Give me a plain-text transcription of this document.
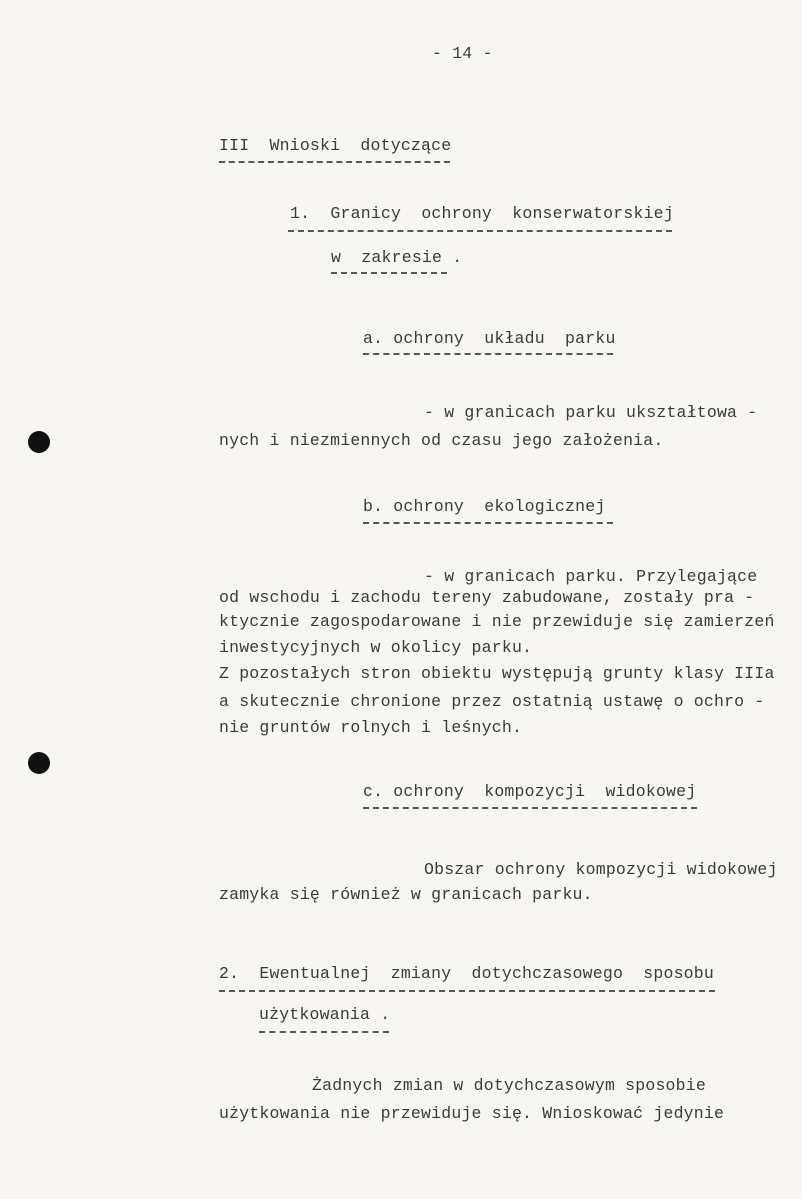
- 14 -
III  Wnioski  dotyczące
1.  Granicy  ochrony  konserwatorskiej
w  zakresie .
a. ochrony  układu  parku
- w granicach parku ukształtowa -
nych i niezmiennych od czasu jego założenia.
b. ochrony  ekologicznej
- w granicach parku. Przylegające
od wschodu i zachodu tereny zabudowane, zostały pra -
ktycznie zagospodarowane i nie przewiduje się zamierzeń
inwestycyjnych w okolicy parku.
Z pozostałych stron obiektu występują grunty klasy IIIa
a skutecznie chronione przez ostatnią ustawę o ochro -
nie gruntów rolnych i leśnych.
c. ochrony  kompozycji  widokowej
Obszar ochrony kompozycji widokowej
zamyka się również w granicach parku.
2.  Ewentualnej  zmiany  dotychczasowego  sposobu
użytkowania .
Żadnych zmian w dotychczasowym sposobie
użytkowania nie przewiduje się. Wnioskować jedynie
